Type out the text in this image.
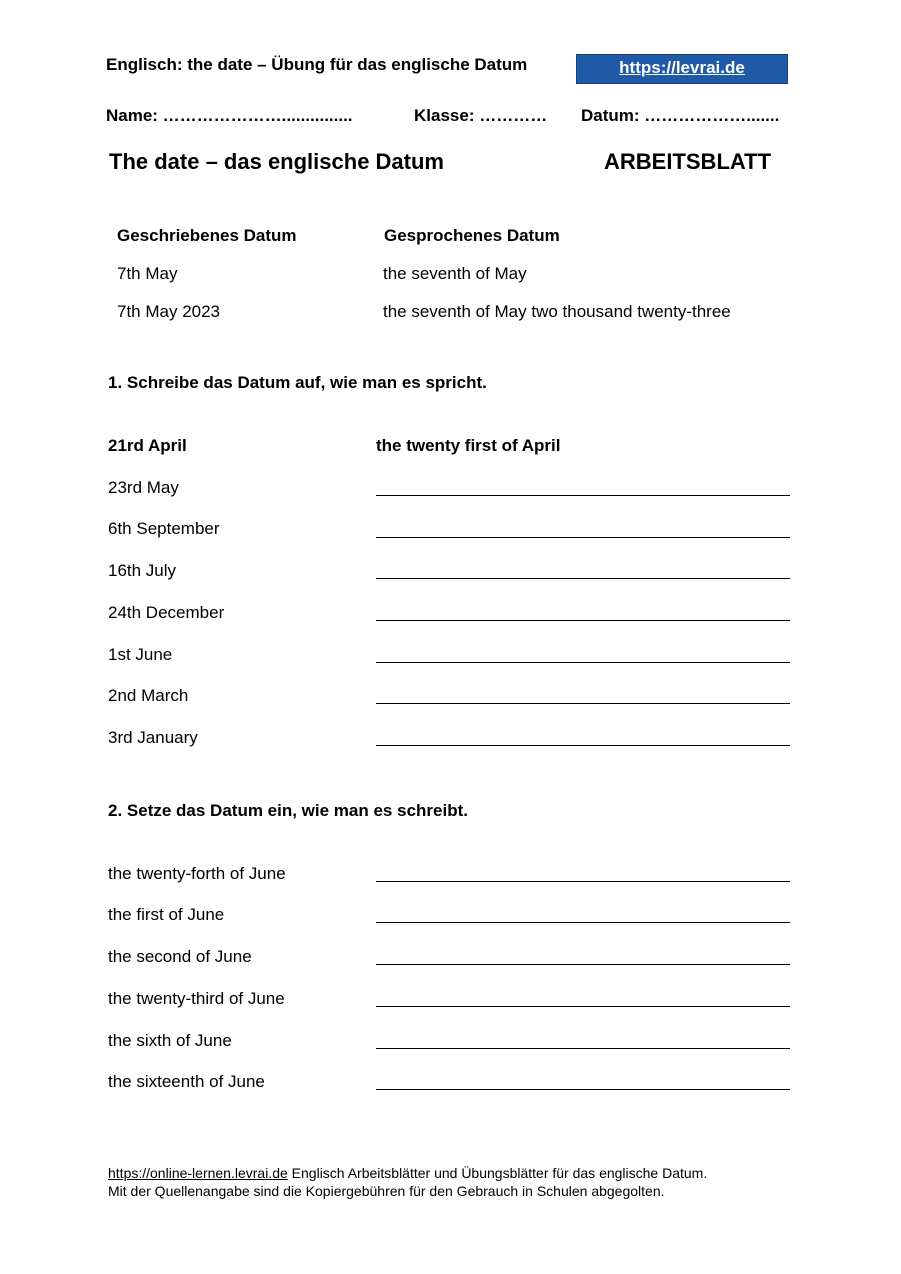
Englisch: the date – Übung für das englische Datum	https://levrai.de
Name: …………………...............	Klasse: ………… Datum: ……………….......
The date – das englische Datum	ARBEITSBLATT
Geschriebenes Datum	Gesprochenes Datum
7th May	the seventh of May
7th May 2023	the seventh of May two thousand twenty-three
1. Schreibe das Datum auf, wie man es spricht.
21rd April	the twenty first of April
23rd May
6th September
16th July
24th December
1st June
2nd March
3rd January
2. Setze das Datum ein, wie man es schreibt.
the twenty-forth of June
the first of June
the second of June
the twenty-third of June
the sixth of June
the sixteenth of June
https://online-lernen.levrai.de Englisch Arbeitsblätter und Übungsblätter für das englische Datum.
Mit der Quellenangabe sind die Kopiergebühren für den Gebrauch in Schulen abgegolten.
